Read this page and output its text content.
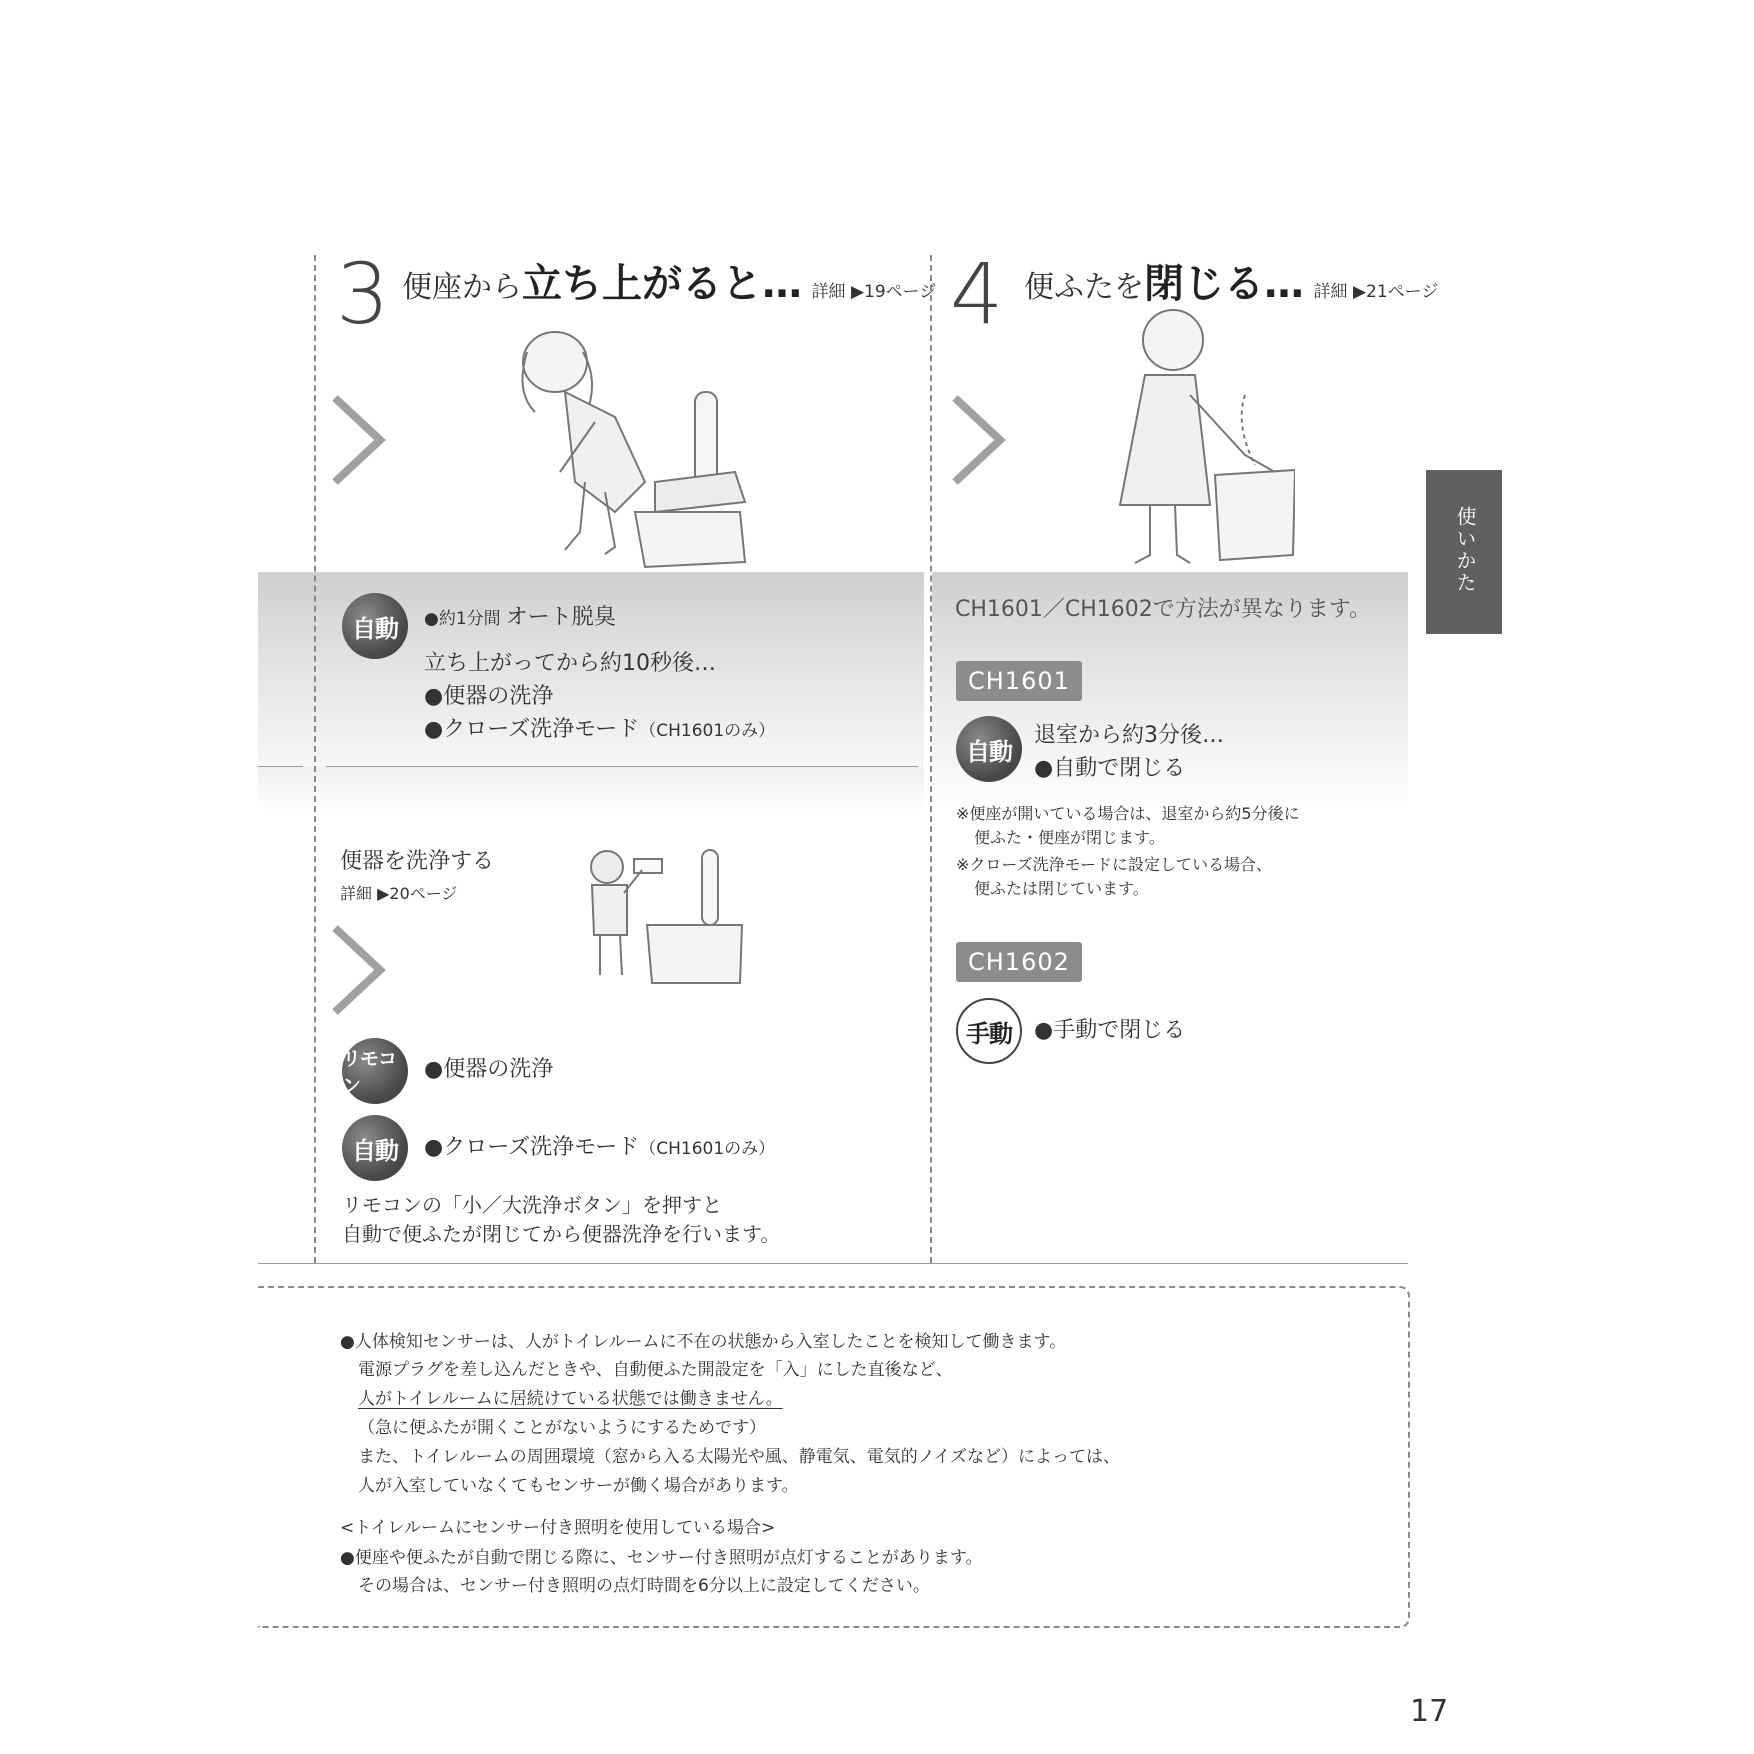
3 便座から立ち上がると… 詳細 ▶19ページ
自動	●約1分間 オート脱臭
立ち上がってから約10秒後…
●便器の洗浄
●クローズ洗浄モード（CH1601のみ）
便器を洗浄する
詳細 ▶20ページ
リモコン
●便器の洗浄
自動	●クローズ洗浄モード（CH1601のみ）
リモコンの「小／大洗浄ボタン」を押すと
自動で便ふたが閉じてから便器洗浄を行います。
4 便ふたを閉じる… 詳細 ▶21ページ
CH1601／CH1602で方法が異なります。
CH1601
自動
退室から約3分後…
●自動で閉じる
※便座が開いている場合は、退室から約5分後に
便ふた・便座が閉じます。
※クローズ洗浄モードに設定している場合、
便ふたは閉じています。
CH1602
手動	●手動で閉じる
使いかた
●人体検知センサーは、人がトイレルームに不在の状態から入室したことを検知して働きます。
電源プラグを差し込んだときや、自動便ふた開設定を「入」にした直後など、
人がトイレルームに居続けている状態では働きません。
（急に便ふたが開くことがないようにするためです）
また、トイレルームの周囲環境（窓から入る太陽光や風、静電気、電気的ノイズなど）によっては、
人が入室していなくてもセンサーが働く場合があります。
<トイレルームにセンサー付き照明を使用している場合>
●便座や便ふたが自動で閉じる際に、センサー付き照明が点灯することがあります。
その場合は、センサー付き照明の点灯時間を6分以上に設定してください。
17
